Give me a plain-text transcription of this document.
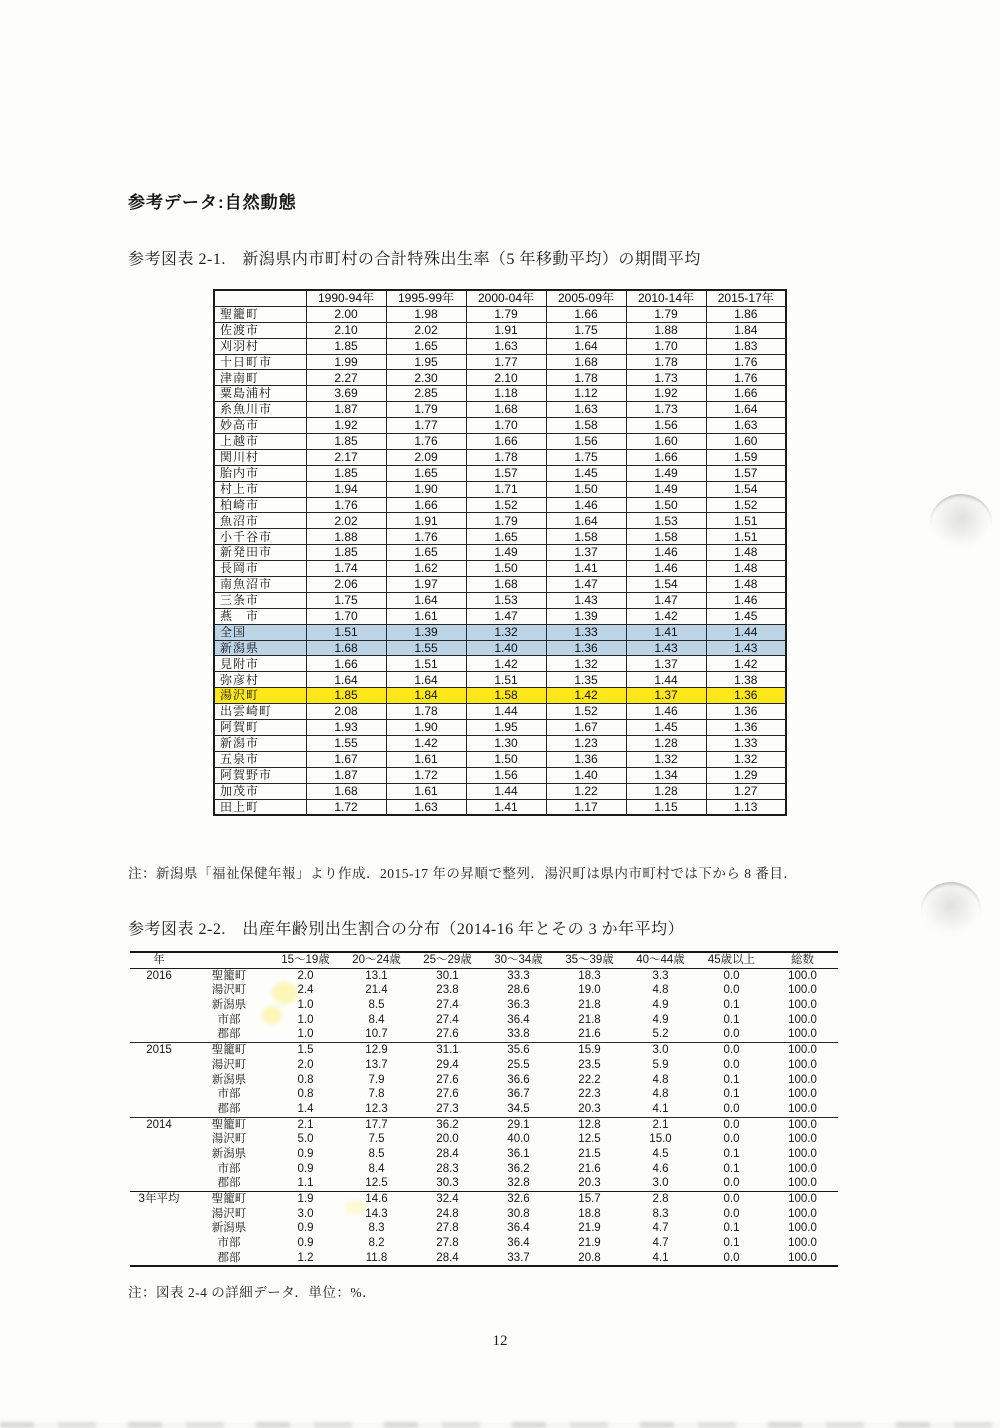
参考データ:自然動態
参考図表 2-1.　新潟県内市町村の合計特殊出生率（5 年移動平均）の期間平均
	1990-94年	1995-99年	2000-04年	2005-09年	2010-14年	2015-17年
聖籠町	2.00	1.98	1.79	1.66	1.79	1.86
佐渡市	2.10	2.02	1.91	1.75	1.88	1.84
刈羽村	1.85	1.65	1.63	1.64	1.70	1.83
十日町市	1.99	1.95	1.77	1.68	1.78	1.76
津南町	2.27	2.30	2.10	1.78	1.73	1.76
粟島浦村	3.69	2.85	1.18	1.12	1.92	1.66
糸魚川市	1.87	1.79	1.68	1.63	1.73	1.64
妙高市	1.92	1.77	1.70	1.58	1.56	1.63
上越市	1.85	1.76	1.66	1.56	1.60	1.60
関川村	2.17	2.09	1.78	1.75	1.66	1.59
胎内市	1.85	1.65	1.57	1.45	1.49	1.57
村上市	1.94	1.90	1.71	1.50	1.49	1.54
柏崎市	1.76	1.66	1.52	1.46	1.50	1.52
魚沼市	2.02	1.91	1.79	1.64	1.53	1.51
小千谷市	1.88	1.76	1.65	1.58	1.58	1.51
新発田市	1.85	1.65	1.49	1.37	1.46	1.48
長岡市	1.74	1.62	1.50	1.41	1.46	1.48
南魚沼市	2.06	1.97	1.68	1.47	1.54	1.48
三条市	1.75	1.64	1.53	1.43	1.47	1.46
燕　市	1.70	1.61	1.47	1.39	1.42	1.45
全国	1.51	1.39	1.32	1.33	1.41	1.44
新潟県	1.68	1.55	1.40	1.36	1.43	1.43
見附市	1.66	1.51	1.42	1.32	1.37	1.42
弥彦村	1.64	1.64	1.51	1.35	1.44	1.38
湯沢町	1.85	1.84	1.58	1.42	1.37	1.36
出雲崎町	2.08	1.78	1.44	1.52	1.46	1.36
阿賀町	1.93	1.90	1.95	1.67	1.45	1.36
新潟市	1.55	1.42	1.30	1.23	1.28	1.33
五泉市	1.67	1.61	1.50	1.36	1.32	1.32
阿賀野市	1.87	1.72	1.56	1.40	1.34	1.29
加茂市	1.68	1.61	1.44	1.22	1.28	1.27
田上町	1.72	1.63	1.41	1.17	1.15	1.13
注：新潟県「福祉保健年報」より作成．2015-17 年の昇順で整列．湯沢町は県内市町村では下から 8 番目．
参考図表 2-2.　出産年齢別出生割合の分布（2014-16 年とその 3 か年平均）
年		15〜19歳	20〜24歳	25〜29歳	30〜34歳	35〜39歳	40〜44歳	45歳以上	総数
2016	聖籠町	2.0	13.1	30.1	33.3	18.3	3.3	0.0	100.0
	湯沢町	2.4	21.4	23.8	28.6	19.0	4.8	0.0	100.0
	新潟県	1.0	8.5	27.4	36.3	21.8	4.9	0.1	100.0
	市部	1.0	8.4	27.4	36.4	21.8	4.9	0.1	100.0
	郡部	1.0	10.7	27.6	33.8	21.6	5.2	0.0	100.0
2015	聖籠町	1.5	12.9	31.1	35.6	15.9	3.0	0.0	100.0
	湯沢町	2.0	13.7	29.4	25.5	23.5	5.9	0.0	100.0
	新潟県	0.8	7.9	27.6	36.6	22.2	4.8	0.1	100.0
	市部	0.8	7.8	27.6	36.7	22.3	4.8	0.1	100.0
	郡部	1.4	12.3	27.3	34.5	20.3	4.1	0.0	100.0
2014	聖籠町	2.1	17.7	36.2	29.1	12.8	2.1	0.0	100.0
	湯沢町	5.0	7.5	20.0	40.0	12.5	15.0	0.0	100.0
	新潟県	0.9	8.5	28.4	36.1	21.5	4.5	0.1	100.0
	市部	0.9	8.4	28.3	36.2	21.6	4.6	0.1	100.0
	郡部	1.1	12.5	30.3	32.8	20.3	3.0	0.0	100.0
3年平均	聖籠町	1.9	14.6	32.4	32.6	15.7	2.8	0.0	100.0
	湯沢町	3.0	14.3	24.8	30.8	18.8	8.3	0.0	100.0
	新潟県	0.9	8.3	27.8	36.4	21.9	4.7	0.1	100.0
	市部	0.9	8.2	27.8	36.4	21.9	4.7	0.1	100.0
	郡部	1.2	11.8	28.4	33.7	20.8	4.1	0.0	100.0
注：図表 2-4 の詳細データ．単位：%．
12
